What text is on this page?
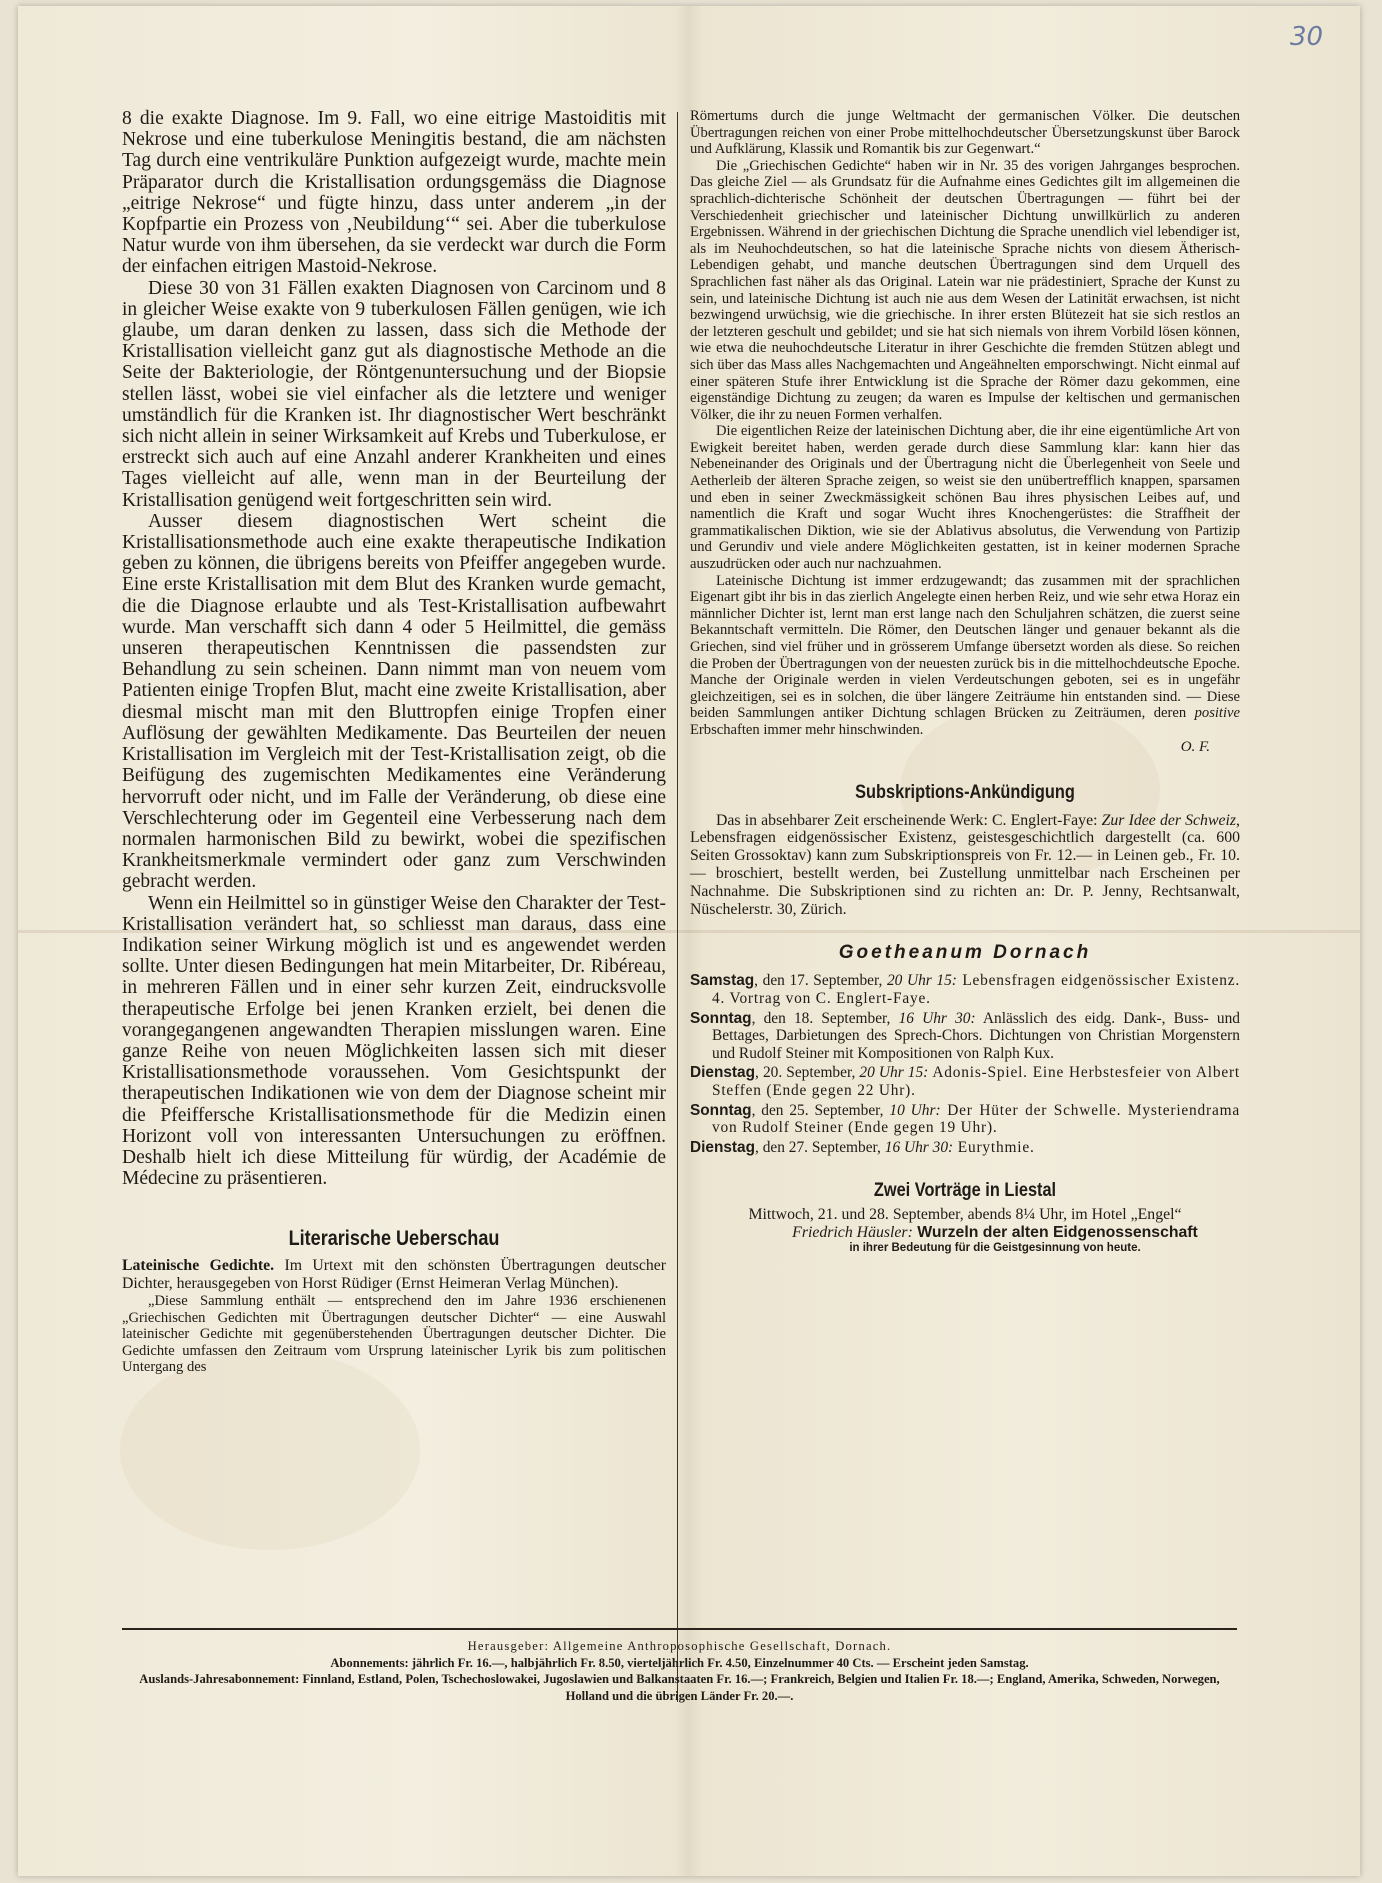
30

8 die exakte Diagnose. Im 9. Fall, wo eine eitrige Mastoiditis mit Nekrose und eine tuberkulose Meningitis bestand, die am nächsten Tag durch eine ventrikuläre Punktion aufgezeigt wurde, machte mein Präparator durch die Kristallisation ordungsgemäss die Diagnose „eitrige Nekrose“ und fügte hinzu, dass unter anderem „in der Kopfpartie ein Prozess von ‚Neubildung‘“ sei. Aber die tuberkulose Natur wurde von ihm übersehen, da sie verdeckt war durch die Form der einfachen eitrigen Mastoid-Nekrose.

Diese 30 von 31 Fällen exakten Diagnosen von Carcinom und 8 in gleicher Weise exakte von 9 tuberkulosen Fällen genügen, wie ich glaube, um daran denken zu lassen, dass sich die Methode der Kristallisation vielleicht ganz gut als diagnostische Methode an die Seite der Bakteriologie, der Röntgenuntersuchung und der Biopsie stellen lässt, wobei sie viel einfacher als die letztere und weniger umständlich für die Kranken ist. Ihr diagnostischer Wert beschränkt sich nicht allein in seiner Wirksamkeit auf Krebs und Tuberkulose, er erstreckt sich auch auf eine Anzahl anderer Krankheiten und eines Tages vielleicht auf alle, wenn man in der Beurteilung der Kristallisation genügend weit fortgeschritten sein wird.

Ausser diesem diagnostischen Wert scheint die Kristallisationsmethode auch eine exakte therapeutische Indikation geben zu können, die übrigens bereits von Pfeiffer angegeben wurde. Eine erste Kristallisation mit dem Blut des Kranken wurde gemacht, die die Diagnose erlaubte und als Test-Kristallisation aufbewahrt wurde. Man verschafft sich dann 4 oder 5 Heilmittel, die gemäss unseren therapeutischen Kenntnissen die passendsten zur Behandlung zu sein scheinen. Dann nimmt man von neuem vom Patienten einige Tropfen Blut, macht eine zweite Kristallisation, aber diesmal mischt man mit den Bluttropfen einige Tropfen einer Auflösung der gewählten Medikamente. Das Beurteilen der neuen Kristallisation im Vergleich mit der Test-Kristallisation zeigt, ob die Beifügung des zugemischten Medikamentes eine Veränderung hervorruft oder nicht, und im Falle der Veränderung, ob diese eine Verschlechterung oder im Gegenteil eine Verbesserung nach dem normalen harmonischen Bild zu bewirkt, wobei die spezifischen Krankheitsmerkmale vermindert oder ganz zum Verschwinden gebracht werden.

Wenn ein Heilmittel so in günstiger Weise den Charakter der Test-Kristallisation verändert hat, so schliesst man daraus, dass eine Indikation seiner Wirkung möglich ist und es angewendet werden sollte. Unter diesen Bedingungen hat mein Mitarbeiter, Dr. Ribéreau, in mehreren Fällen und in einer sehr kurzen Zeit, eindrucksvolle therapeutische Erfolge bei jenen Kranken erzielt, bei denen die vorangegangenen angewandten Therapien misslungen waren. Eine ganze Reihe von neuen Möglichkeiten lassen sich mit dieser Kristallisationsmethode voraussehen. Vom Gesichtspunkt der therapeutischen Indikationen wie von dem der Diagnose scheint mir die Pfeiffersche Kristallisationsmethode für die Medizin einen Horizont voll von interessanten Untersuchungen zu eröffnen. Deshalb hielt ich diese Mitteilung für würdig, der Académie de Médecine zu präsentieren.

Literarische Ueberschau

Lateinische Gedichte. Im Urtext mit den schönsten Übertragungen deutscher Dichter, herausgegeben von Horst Rüdiger (Ernst Heimeran Verlag München).

„Diese Sammlung enthält — entsprechend den im Jahre 1936 erschienenen „Griechischen Gedichten mit Übertragungen deutscher Dichter“ — eine Auswahl lateinischer Gedichte mit gegenüberstehenden Übertragungen deutscher Dichter. Die Gedichte umfassen den Zeitraum vom Ursprung lateinischer Lyrik bis zum politischen Untergang des

Römertums durch die junge Weltmacht der germanischen Völker. Die deutschen Übertragungen reichen von einer Probe mittelhochdeutscher Übersetzungskunst über Barock und Aufklärung, Klassik und Romantik bis zur Gegenwart.“

Die „Griechischen Gedichte“ haben wir in Nr. 35 des vorigen Jahrganges besprochen. Das gleiche Ziel — als Grundsatz für die Aufnahme eines Gedichtes gilt im allgemeinen die sprachlich-dichterische Schönheit der deutschen Übertragungen — führt bei der Verschiedenheit griechischer und lateinischer Dichtung unwillkürlich zu anderen Ergebnissen. Während in der griechischen Dichtung die Sprache unendlich viel lebendiger ist, als im Neuhochdeutschen, so hat die lateinische Sprache nichts von diesem Ätherisch-Lebendigen gehabt, und manche deutschen Übertragungen sind dem Urquell des Sprachlichen fast näher als das Original. Latein war nie prädestiniert, Sprache der Kunst zu sein, und lateinische Dichtung ist auch nie aus dem Wesen der Latinität erwachsen, ist nicht bezwingend urwüchsig, wie die griechische. In ihrer ersten Blütezeit hat sie sich restlos an der letzteren geschult und gebildet; und sie hat sich niemals von ihrem Vorbild lösen können, wie etwa die neuhochdeutsche Literatur in ihrer Geschichte die fremden Stützen ablegt und sich über das Mass alles Nachgemachten und Angeähnelten emporschwingt. Nicht einmal auf einer späteren Stufe ihrer Entwicklung ist die Sprache der Römer dazu gekommen, eine eigenständige Dichtung zu zeugen; da waren es Impulse der keltischen und germanischen Völker, die ihr zu neuen Formen verhalfen.

Die eigentlichen Reize der lateinischen Dichtung aber, die ihr eine eigentümliche Art von Ewigkeit bereitet haben, werden gerade durch diese Sammlung klar: kann hier das Nebeneinander des Originals und der Übertragung nicht die Überlegenheit von Seele und Aetherleib der älteren Sprache zeigen, so weist sie den unübertrefflich knappen, sparsamen und eben in seiner Zweckmässigkeit schönen Bau ihres physischen Leibes auf, und namentlich die Kraft und sogar Wucht ihres Knochengerüstes: die Straffheit der grammatikalischen Diktion, wie sie der Ablativus absolutus, die Verwendung von Partizip und Gerundiv und viele andere Möglichkeiten gestatten, ist in keiner modernen Sprache auszudrücken oder auch nur nachzuahmen.

Lateinische Dichtung ist immer erdzugewandt; das zusammen mit der sprachlichen Eigenart gibt ihr bis in das zierlich Angelegte einen herben Reiz, und wie sehr etwa Horaz ein männlicher Dichter ist, lernt man erst lange nach den Schuljahren schätzen, die zuerst seine Bekanntschaft vermitteln. Die Römer, den Deutschen länger und genauer bekannt als die Griechen, sind viel früher und in grösserem Umfange übersetzt worden als diese. So reichen die Proben der Übertragungen von der neuesten zurück bis in die mittelhochdeutsche Epoche. Manche der Originale werden in vielen Verdeutschungen geboten, sei es in ungefähr gleichzeitigen, sei es in solchen, die über längere Zeiträume hin entstanden sind. — Diese beiden Sammlungen antiker Dichtung schlagen Brücken zu Zeiträumen, deren positive Erbschaften immer mehr hinschwinden.

O. F.

Subskriptions-Ankündigung

Das in absehbarer Zeit erscheinende Werk: C. Englert-Faye: Zur Idee der Schweiz, Lebensfragen eidgenössischer Existenz, geistesgeschichtlich dargestellt (ca. 600 Seiten Grossoktav) kann zum Subskriptionspreis von Fr. 12.— in Leinen geb., Fr. 10.— broschiert, bestellt werden, bei Zustellung unmittelbar nach Erscheinen per Nachnahme. Die Subskriptionen sind zu richten an: Dr. P. Jenny, Rechtsanwalt, Nüschelerstr. 30, Zürich.

Goetheanum Dornach

Samstag, den 17. September, 20 Uhr 15: Lebensfragen eidgenössischer Existenz. 4. Vortrag von C. Englert-Faye.

Sonntag, den 18. September, 16 Uhr 30: Anlässlich des eidg. Dank-, Buss- und Bettages, Darbietungen des Sprech-Chors. Dichtungen von Christian Morgenstern und Rudolf Steiner mit Kompositionen von Ralph Kux.

Dienstag, 20. September, 20 Uhr 15: Adonis-Spiel. Eine Herbstesfeier von Albert Steffen (Ende gegen 22 Uhr).

Sonntag, den 25. September, 10 Uhr: Der Hüter der Schwelle. Mysteriendrama von Rudolf Steiner (Ende gegen 19 Uhr).

Dienstag, den 27. September, 16 Uhr 30: Eurythmie.

Zwei Vorträge in Liestal

Mittwoch, 21. und 28. September, abends 8¼ Uhr, im Hotel „Engel“

Friedrich Häusler: Wurzeln der alten Eidgenossenschaft

in ihrer Bedeutung für die Geistgesinnung von heute.

Herausgeber: Allgemeine Anthroposophische Gesellschaft, Dornach.
Abonnements: jährlich Fr. 16.—, halbjährlich Fr. 8.50, vierteljährlich Fr. 4.50, Einzelnummer 40 Cts. — Erscheint jeden Samstag.
Auslands-Jahresabonnement: Finnland, Estland, Polen, Tschechoslowakei, Jugoslawien und Balkanstaaten Fr. 16.—; Frankreich, Belgien und Italien Fr. 18.—; England, Amerika, Schweden, Norwegen, Holland und die übrigen Länder Fr. 20.—.
